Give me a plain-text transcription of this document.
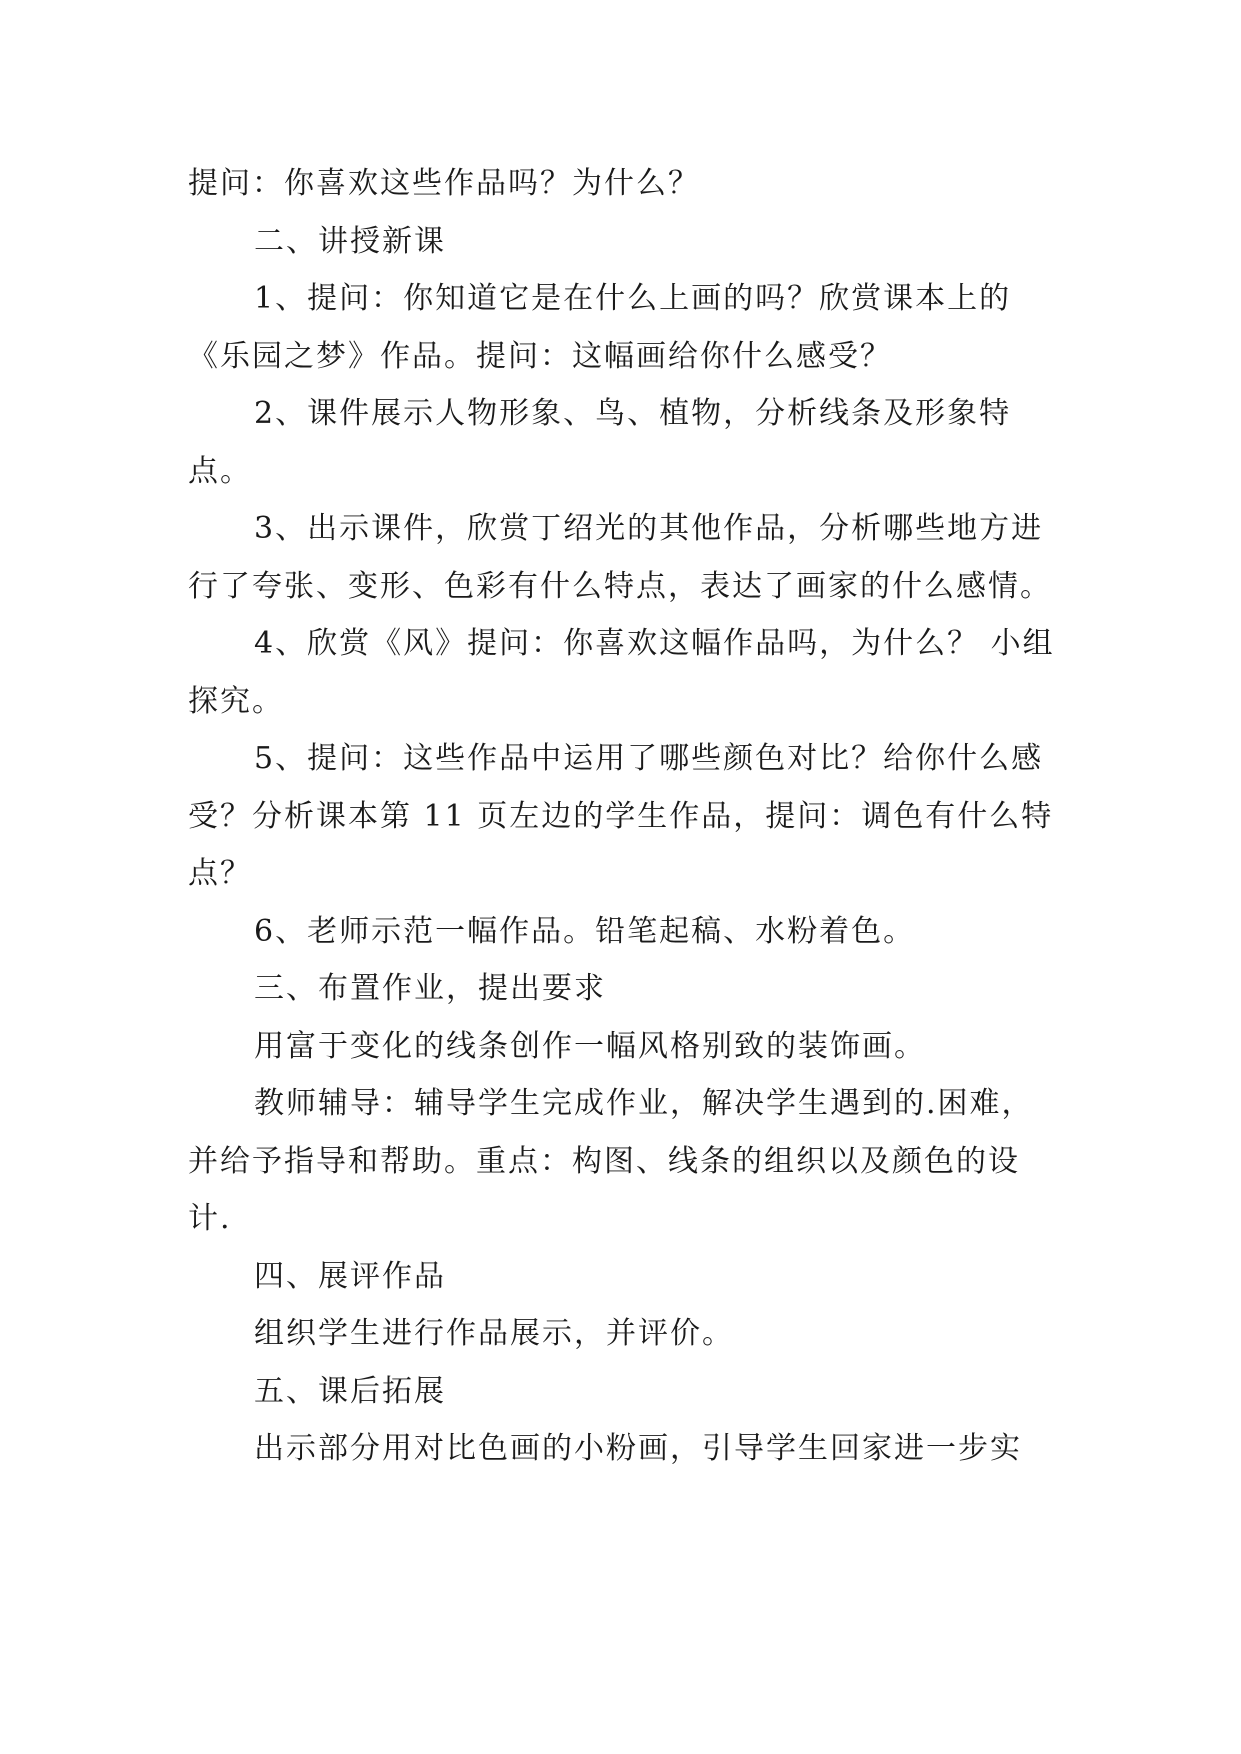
提问：你喜欢这些作品吗？为什么？

二、讲授新课

1、提问：你知道它是在什么上画的吗？欣赏课本上的《乐园之梦》作品。提问：这幅画给你什么感受？

2、课件展示人物形象、鸟、植物，分析线条及形象特点。

3、出示课件，欣赏丁绍光的其他作品，分析哪些地方进行了夸张、变形、色彩有什么特点，表达了画家的什么感情。

4、欣赏《风》提问：你喜欢这幅作品吗，为什么？ 小组探究。

5、提问：这些作品中运用了哪些颜色对比？给你什么感受？分析课本第 11 页左边的学生作品，提问：调色有什么特点？

6、老师示范一幅作品。铅笔起稿、水粉着色。

三、布置作业，提出要求

用富于变化的线条创作一幅风格别致的装饰画。

教师辅导：辅导学生完成作业，解决学生遇到的.困难，并给予指导和帮助。重点：构图、线条的组织以及颜色的设计.

四、展评作品

组织学生进行作品展示，并评价。

五、课后拓展

出示部分用对比色画的小粉画，引导学生回家进一步实
